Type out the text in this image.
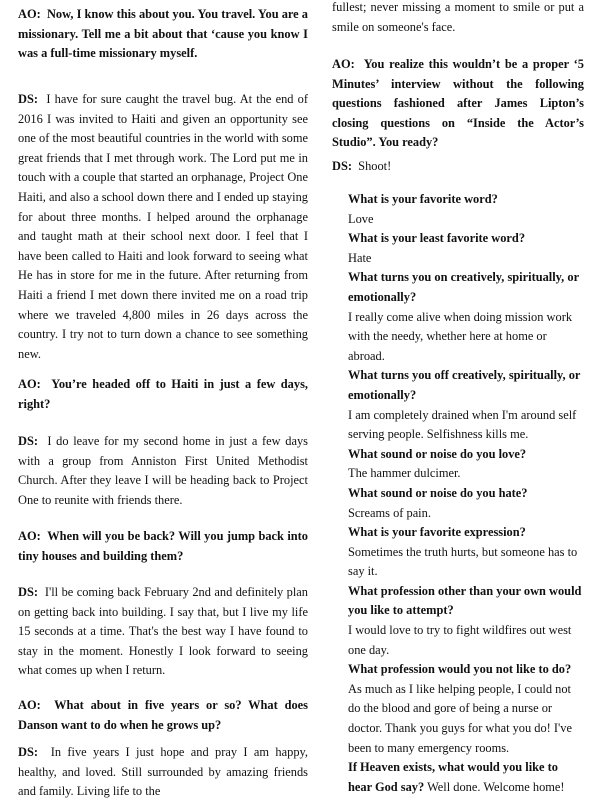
AO: Now, I know this about you. You travel. You are a missionary. Tell me a bit about that ‘cause you know I was a full-time missionary myself.

DS: I have for sure caught the travel bug. At the end of 2016 I was invited to Haiti and given an opportunity see one of the most beautiful countries in the world with some great friends that I met through work. The Lord put me in touch with a couple that started an orphanage, Project One Haiti, and also a school down there and I ended up staying for about three months. I helped around the orphanage and taught math at their school next door. I feel that I have been called to Haiti and look forward to seeing what He has in store for me in the future. After returning from Haiti a friend I met down there invited me on a road trip where we traveled 4,800 miles in 26 days across the country. I try not to turn down a chance to see something new.

AO: You’re headed off to Haiti in just a few days, right?

DS: I do leave for my second home in just a few days with a group from Anniston First United Methodist Church. After they leave I will be heading back to Project One to reunite with friends there.

AO: When will you be back? Will you jump back into tiny houses and building them?

DS: I'll be coming back February 2nd and definitely plan on getting back into building. I say that, but I live my life 15 seconds at a time. That's the best way I have found to stay in the moment. Honestly I look forward to seeing what comes up when I return.

AO: What about in five years or so? What does Danson want to do when he grows up?

DS: In five years I just hope and pray I am happy, healthy, and loved. Still surrounded by amazing friends and family. Living life to the

fullest; never missing a moment to smile or put a smile on someone's face.

AO: You realize this wouldn’t be a proper ‘5 Minutes’ interview without the following questions fashioned after James Lipton’s closing questions on “Inside the Actor’s Studio”. You ready?

DS: Shoot!

What is your favorite word?

Love

What is your least favorite word?

Hate

What turns you on creatively, spiritually, or emotionally?

I really come alive when doing mission work with the needy, whether here at home or abroad.

What turns you off creatively, spiritually, or emotionally?

I am completely drained when I'm around self serving people. Selfishness kills me.

What sound or noise do you love?

The hammer dulcimer.

What sound or noise do you hate?

Screams of pain.

What is your favorite expression?

Sometimes the truth hurts, but someone has to say it.

What profession other than your own would you like to attempt?

I would love to try to fight wildfires out west one day.

What profession would you not like to do?

As much as I like helping people, I could not do the blood and gore of being a nurse or doctor. Thank you guys for what you do! I've been to many emergency rooms.

If Heaven exists, what would you like to hear God say? Well done. Welcome home!
